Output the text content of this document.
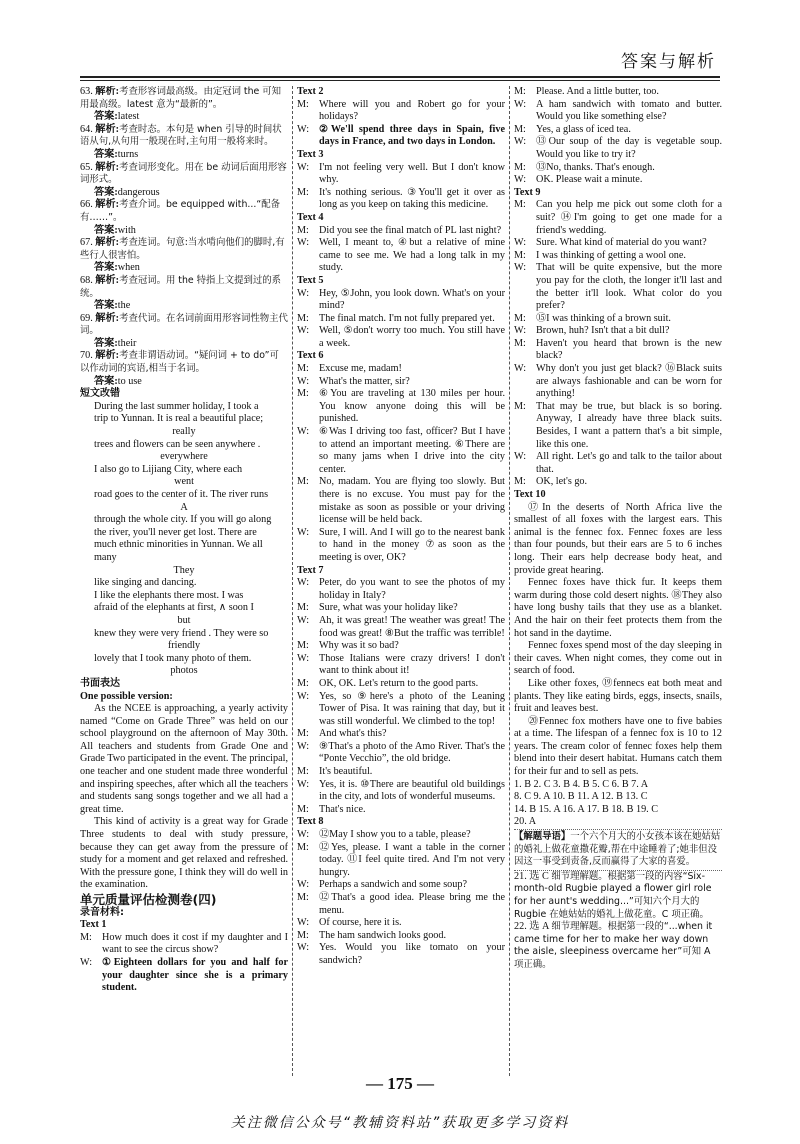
答案与解析
63. 解析:考查形容词最高级。由定冠词 the 可知用最高级。latest 意为“最新的”。
答案:latest
64. 解析:考查时态。本句是 when 引导的时间状语从句,从句用一般现在时,主句用一般将来时。
答案:turns
65. 解析:考查词形变化。用在 be 动词后面用形容词形式。
答案:dangerous
66. 解析:考查介词。be equipped with...“配备有……”。
答案:with
67. 解析:考查连词。句意:当水啃向他们的脚时,有些行人很害怕。
答案:when
68. 解析:考查冠词。用 the 特指上文提到过的系统。
答案:the
69. 解析:考查代词。在名词前面用形容词性物主代词。
答案:their
70. 解析:考查非谓语动词。“疑问词 + to do”可以作动词的宾语,相当于名词。
答案:to use
短文改错
During the last summer holiday, I took a
trip to Yunnan. It is real a beautiful place;
really
trees and flowers can be seen anywhere .
everywhere
I also go to Lijiang City, where each
went
road goes to the center of it. The river runs
A
through the whole city. If you will go along
the river, you'll never get lost. There are
much ethnic minorities in Yunnan. We all
many
They
like singing and dancing.
I like the elephants there most. I was
afraid of the elephants at first, ∧ soon I
but
knew they were very friend . They were so
friendly
lovely that I took many photo of them.
photos
书面表达
One possible version:

As the NCEE is approaching, a yearly activity named “Come on Grade Three” was held on our school playground on the afternoon of May 30th. All teachers and students from Grade One and Grade Two participated in the event. The principal, one teacher and one student made three wonderful and inspiring speeches, after which all the teachers and students sang songs together and we all had a great time.

This kind of activity is a great way for Grade Three students to deal with study pressure, because they can get away from the pressure of study for a moment and get relaxed and refreshed. With the pressure gone, I think they will do well in the examination.

单元质量评估检测卷(四)
录音材料:
Text 1
M: How much does it cost if my daughter and I want to see the circus show?
W: ①Eighteen dollars for you and half for your daughter since she is a primary student.
Text 2
M: Where will you and Robert go for your holidays?
W: ②We'll spend three days in Spain, five days in France, and two days in London.
Text 3
W: I'm not feeling very well. But I don't know why.
M: It's nothing serious. ③You'll get it over as long as you keep on taking this medicine.
Text 4
M: Did you see the final match of PL last night?
W: Well, I meant to, ④but a relative of mine came to see me. We had a long talk in my study.
Text 5
W: Hey, ⑤John, you look down. What's on your mind?
M: The final match. I'm not fully prepared yet.
W: Well, ⑤don't worry too much. You still have a week.
Text 6
M: Excuse me, madam!
W: What's the matter, sir?
M: ⑥You are traveling at 130 miles per hour. You know anyone doing this will be punished.
W: ⑥Was I driving too fast, officer? But I have to attend an important meeting. ⑥There are so many jams when I drive into the city center.
M: No, madam. You are flying too slowly. But there is no excuse. You must pay for the mistake as soon as possible or your driving license will be held back.
W: Sure, I will. And I will go to the nearest bank to hand in the money ⑦as soon as the meeting is over, OK?
Text 7
W: Peter, do you want to see the photos of my holiday in Italy?
M: Sure, what was your holiday like?
W: Ah, it was great! The weather was great! The food was great! ⑧But the traffic was terrible!
M: Why was it so bad?
W: Those Italians were crazy drivers! I don't want to think about it!
M: OK, OK. Let's return to the good parts.
W: Yes, so ⑨here's a photo of the Leaning Tower of Pisa. It was raining that day, but it was still wonderful. We climbed to the top!
M: And what's this?
W: ⑨That's a photo of the Amo River. That's the “Ponte Vecchio”, the old bridge.
M: It's beautiful.
W: Yes, it is. ⑩There are beautiful old buildings in the city, and lots of wonderful museums.
M: That's nice.
Text 8
W: ⑫May I show you to a table, please?
M: ⑫Yes, please. I want a table in the corner today. ⑪I feel quite tired. And I'm not very hungry.
W: Perhaps a sandwich and some soup?
M: ⑫That's a good idea. Please bring me the menu.
W: Of course, here it is.
M: The ham sandwich looks good.
W: Yes. Would you like tomato on your sandwich?
M: Please. And a little butter, too.
W: A ham sandwich with tomato and butter. Would you like something else?
M: Yes, a glass of iced tea.
W: ⑬Our soup of the day is vegetable soup. Would you like to try it?
M: ⑬No, thanks. That's enough.
W: OK. Please wait a minute.
Text 9
M: Can you help me pick out some cloth for a suit? ⑭I'm going to get one made for a friend's wedding.
W: Sure. What kind of material do you want?
M: I was thinking of getting a wool one.
W: That will be quite expensive, but the more you pay for the cloth, the longer it'll last and the better it'll look. What color do you prefer?
M: ⑮I was thinking of a brown suit.
W: Brown, huh? Isn't that a bit dull?
M: Haven't you heard that brown is the new black?
W: Why don't you just get black? ⑯Black suits are always fashionable and can be worn for anything!
M: That may be true, but black is so boring. Anyway, I already have three black suits. Besides, I want a pattern that's a bit simple, like this one.
W: All right. Let's go and talk to the tailor about that.
M: OK, let's go.
Text 10

⑰In the deserts of North Africa live the smallest of all foxes with the largest ears. This animal is the fennec fox. Fennec foxes are less than four pounds, but their ears are 5 to 6 inches long. Their ears help decrease body heat, and provide great hearing.

Fennec foxes have thick fur. It keeps them warm during those cold desert nights. ⑱They also have long bushy tails that they use as a blanket. And the hair on their feet protects them from the hot sand in the daytime.

Fennec foxes spend most of the day sleeping in their caves. When night comes, they come out in search of food.

Like other foxes, ⑲fennecs eat both meat and plants. They like eating birds, eggs, insects, snails, fruit and leaves best.

⑳Fennec fox mothers have one to five babies at a time. The lifespan of a fennec fox is 10 to 12 years. The cream color of fennec foxes help them blend into their desert habitat. Humans catch them for their fur and to sell as pets.

1. B 2. C 3. B 4. B 5. C 6. B 7. A
8. C 9. A 10. B 11. A 12. B 13. C
14. B 15. A 16. A 17. B 18. B 19. C
20. A
【解题导语】一个六个月大的小女孩本该在她姑姑的婚礼上做花童撒花瓣,帮在中途睡着了;她非但没因这一事受到责备,反而赢得了大家的喜爱。
21. 选 C 细节理解题。根据第一段的内容“Six-month-old Rugbie played a flower girl role for her aunt's wedding...”可知六个月大的 Rugbie 在她姑姑的婚礼上做花童。C 项正确。
22. 选 A 细节理解题。根据第一段的“...when it came time for her to make her way down the aisle, sleepiness overcame her”可知 A 项正确。
— 175 —
关注微信公众号“教辅资料站”获取更多学习资料
